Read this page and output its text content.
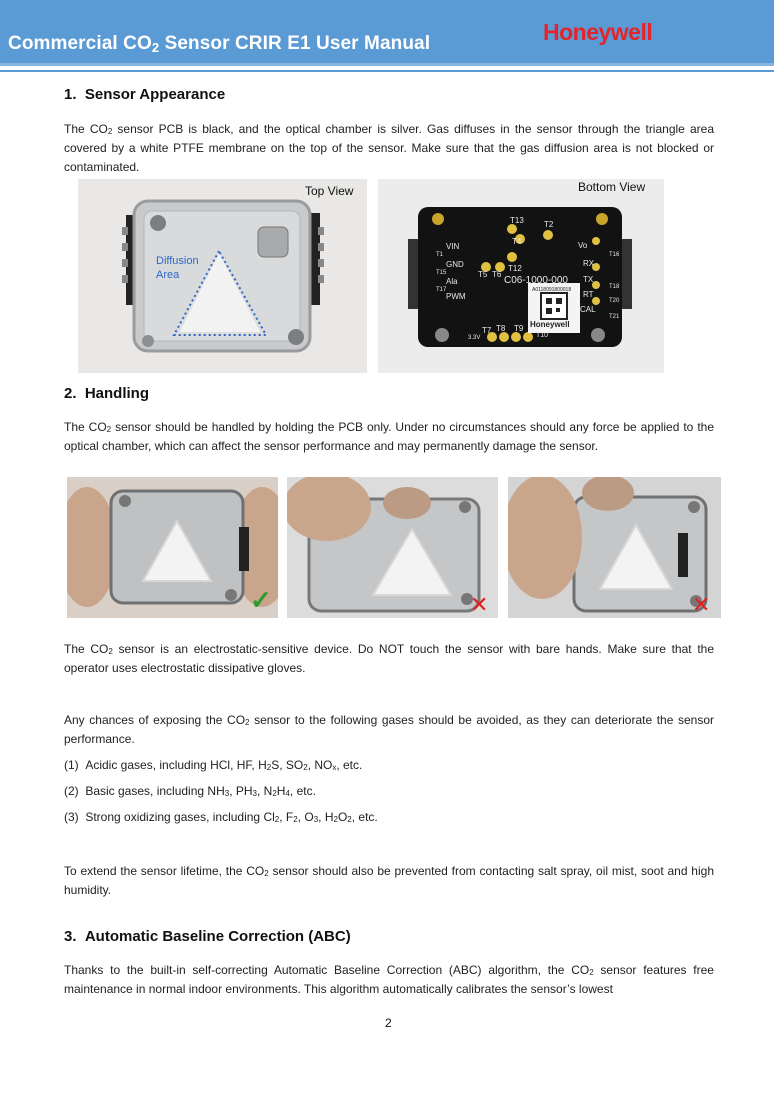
Commercial $CO_2$ Sensor CRIR E1 User Manual	Honeywell
1.  Sensor Appearance
The $CO_2$ sensor PCB is black, and the optical chamber is silver. Gas diffuses in the sensor through the triangle area covered by a white PTFE membrane on the top of the sensor. Make sure that the gas diffusion area is not blocked or contaminated.
Top View
Diffusion
Area
Bottom View
VIN
T1
GND
T15
Ala
T17
PWM
T13	T2
T4
T5 T6
T12
Vo
T16
RX
TX
T18
RT
T20
CAL
T21
C06-1000-000
A0118091800018
Honeywell
T7 T8 T9
T10
3.3V
2.  Handling
The $CO_2$ sensor should be handled by holding the PCB only. Under no circumstances should any force be applied to the optical chamber, which can affect the sensor performance and may permanently damage the sensor.
✓	✕	✕
The $CO_2$ sensor is an electrostatic-sensitive device. Do NOT touch the sensor with bare hands. Make sure that the operator uses electrostatic dissipative gloves.
Any chances of exposing the $CO_2$ sensor to the following gases should be avoided, as they can deteriorate the sensor performance.
(1)  Acidic gases, including HCl, HF, $H_2S$, $SO_2$, $NO_x$, etc.
(2)  Basic gases, including $NH_3$, $PH_3$, $N_2H_4$, etc.
(3)  Strong oxidizing gases, including $Cl_2$, $F_2$, $O_3$, $H_2O_2$, etc.
To extend the sensor lifetime, the $CO_2$ sensor should also be prevented from contacting salt spray, oil mist, soot and high humidity.
3.  Automatic Baseline Correction (ABC)
Thanks to the built-in self-correcting Automatic Baseline Correction (ABC) algorithm, the $CO_2$ sensor features free maintenance in normal indoor environments. This algorithm automatically calibrates the sensor’s lowest
2
